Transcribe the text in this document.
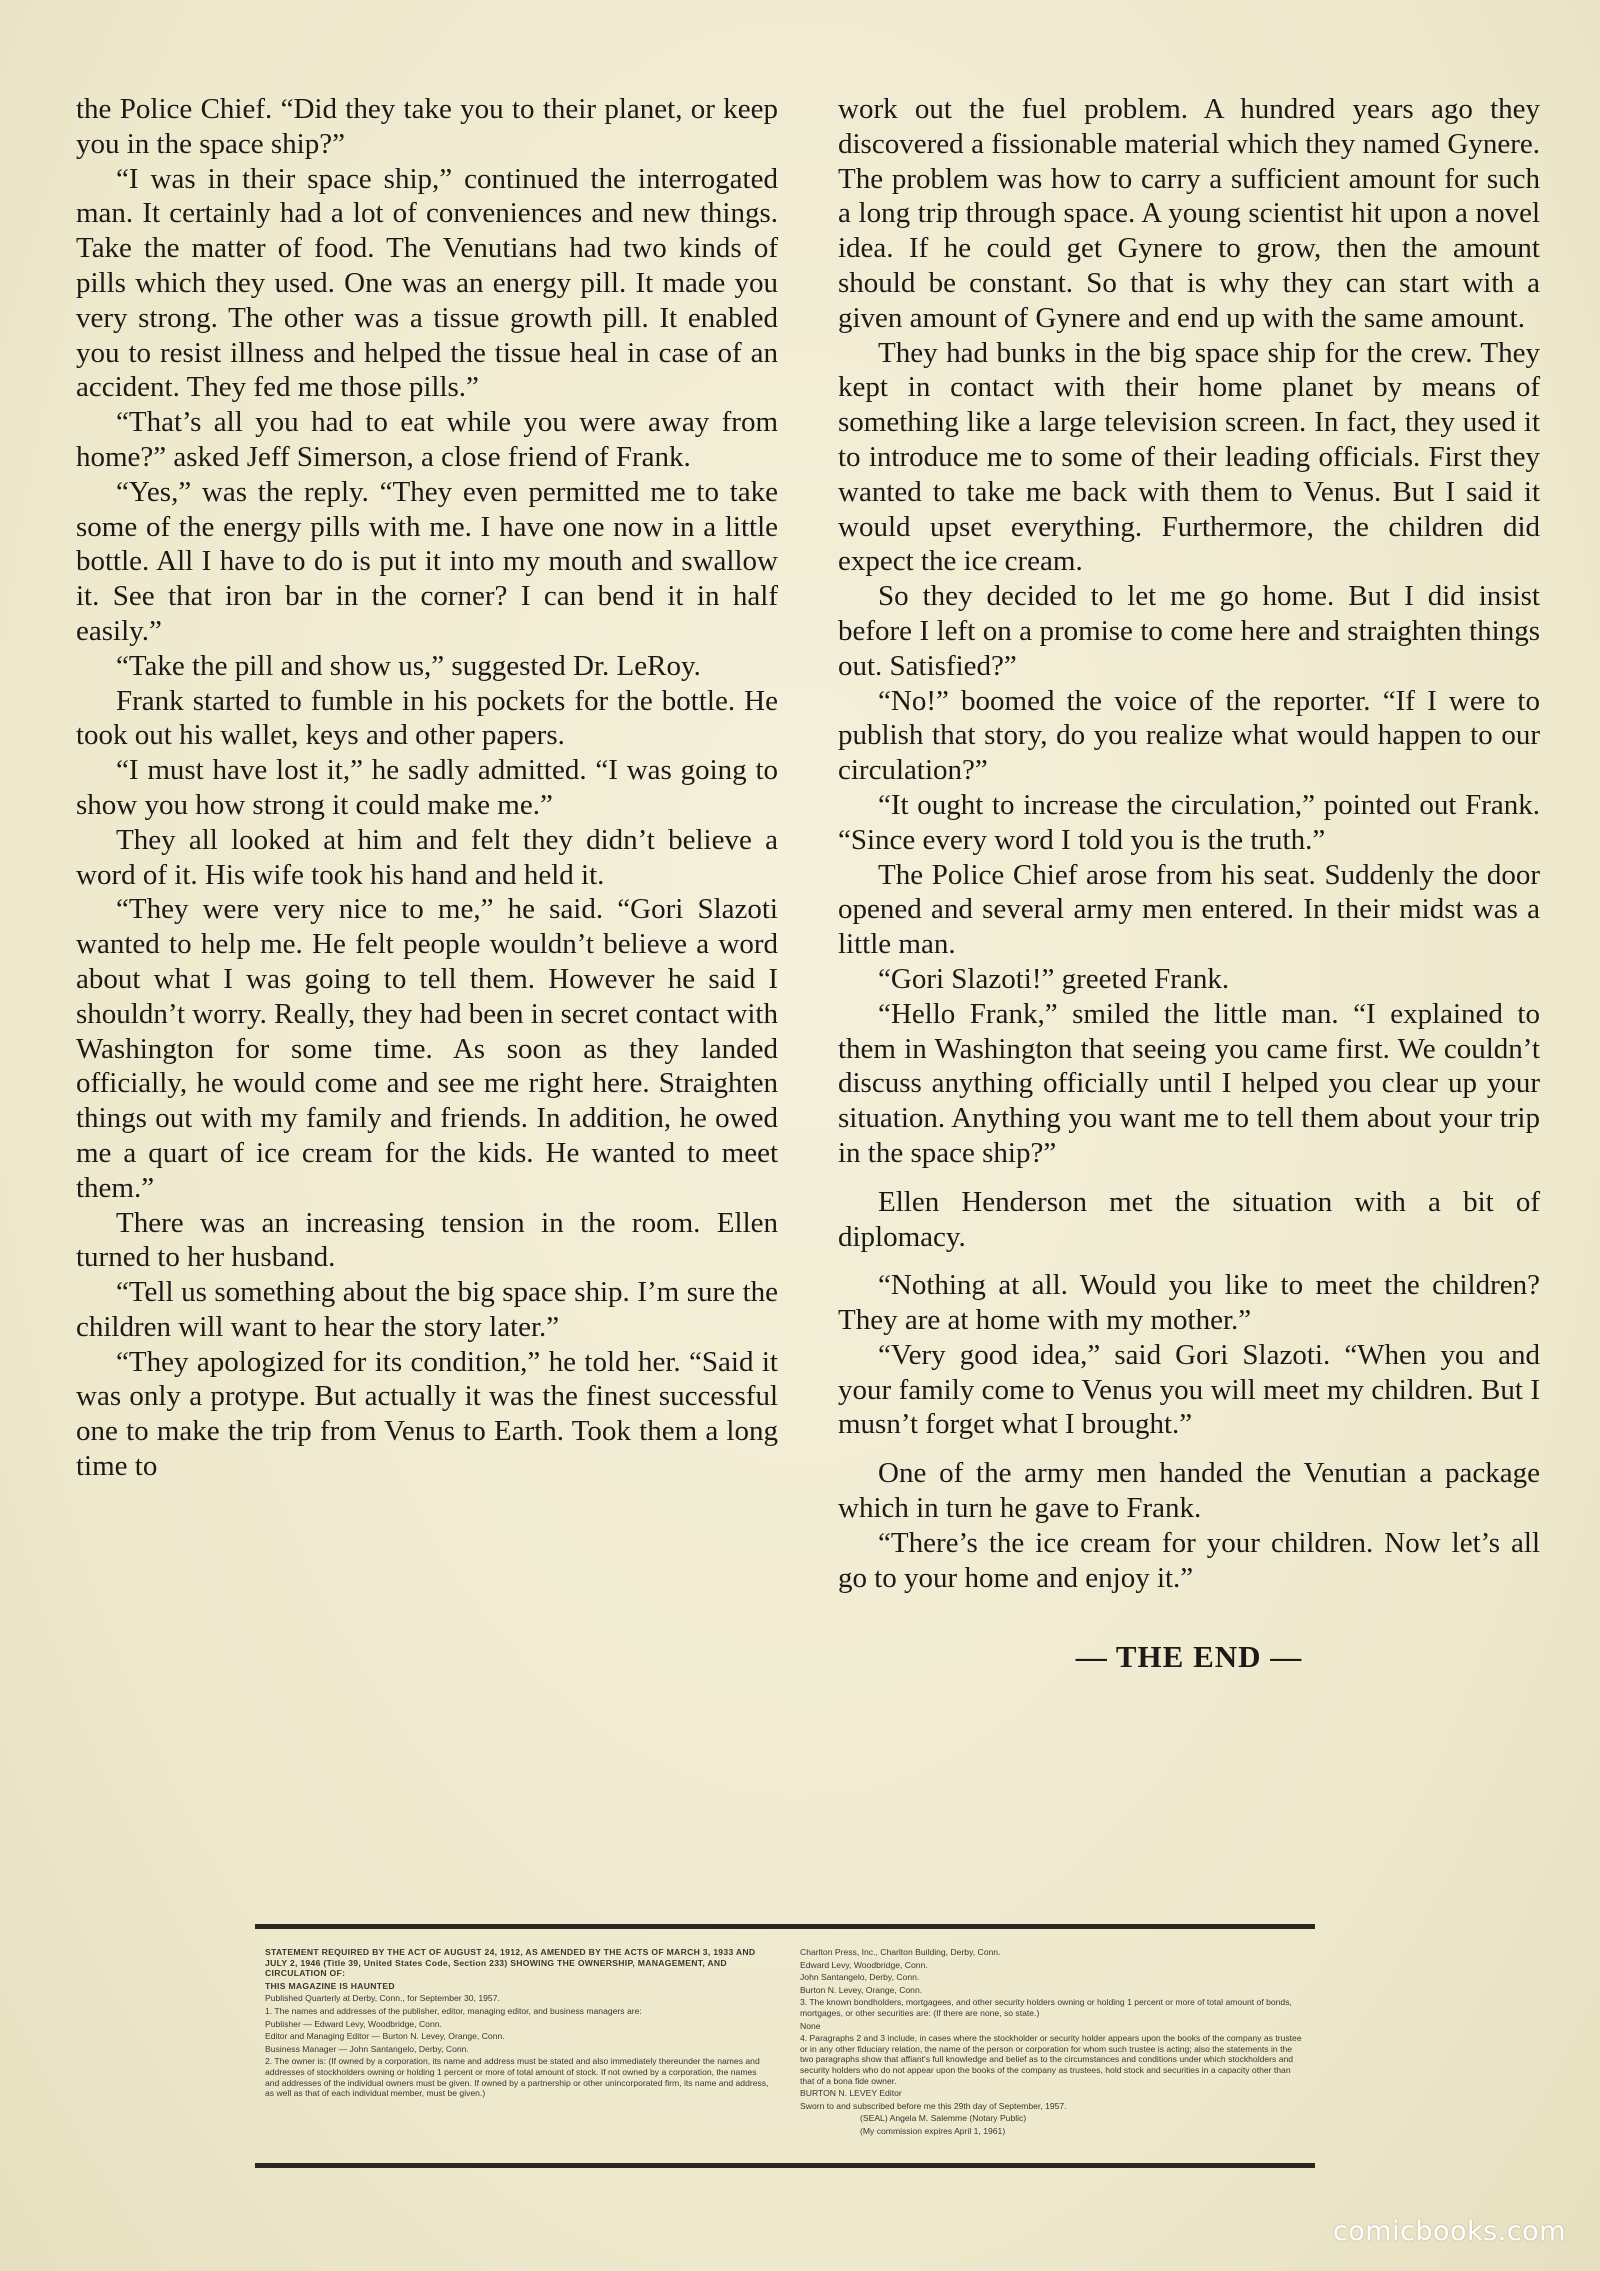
the Police Chief. “Did they take you to their planet, or keep you in the space ship?”

“I was in their space ship,” continued the interrogated man. It certainly had a lot of conveniences and new things. Take the matter of food. The Venutians had two kinds of pills which they used. One was an energy pill. It made you very strong. The other was a tissue growth pill. It enabled you to resist illness and helped the tissue heal in case of an accident. They fed me those pills.”

“That’s all you had to eat while you were away from home?” asked Jeff Simerson, a close friend of Frank.

“Yes,” was the reply. “They even permitted me to take some of the energy pills with me. I have one now in a little bottle. All I have to do is put it into my mouth and swallow it. See that iron bar in the corner? I can bend it in half easily.”

“Take the pill and show us,” suggested Dr. LeRoy.

Frank started to fumble in his pockets for the bottle. He took out his wallet, keys and other papers.

“I must have lost it,” he sadly admitted. “I was going to show you how strong it could make me.”

They all looked at him and felt they didn’t believe a word of it. His wife took his hand and held it.

“They were very nice to me,” he said. “Gori Slazoti wanted to help me. He felt people wouldn’t believe a word about what I was going to tell them. However he said I shouldn’t worry. Really, they had been in secret contact with Washington for some time. As soon as they landed officially, he would come and see me right here. Straighten things out with my family and friends. In addition, he owed me a quart of ice cream for the kids. He wanted to meet them.”

There was an increasing tension in the room. Ellen turned to her husband.

“Tell us something about the big space ship. I’m sure the children will want to hear the story later.”

“They apologized for its condition,” he told her. “Said it was only a protype. But actually it was the finest successful one to make the trip from Venus to Earth. Took them a long time to

work out the fuel problem. A hundred years ago they discovered a fissionable material which they named Gynere. The problem was how to carry a sufficient amount for such a long trip through space. A young scientist hit upon a novel idea. If he could get Gynere to grow, then the amount should be constant. So that is why they can start with a given amount of Gynere and end up with the same amount.

They had bunks in the big space ship for the crew. They kept in contact with their home planet by means of something like a large television screen. In fact, they used it to introduce me to some of their leading officials. First they wanted to take me back with them to Venus. But I said it would upset everything. Furthermore, the children did expect the ice cream.

So they decided to let me go home. But I did insist before I left on a promise to come here and straighten things out. Satisfied?”

“No!” boomed the voice of the reporter. “If I were to publish that story, do you realize what would happen to our circulation?”

“It ought to increase the circulation,” pointed out Frank. “Since every word I told you is the truth.”

The Police Chief arose from his seat. Suddenly the door opened and several army men entered. In their midst was a little man.

“Gori Slazoti!” greeted Frank.

“Hello Frank,” smiled the little man. “I explained to them in Washington that seeing you came first. We couldn’t discuss anything officially until I helped you clear up your situation. Anything you want me to tell them about your trip in the space ship?”

Ellen Henderson met the situation with a bit of diplomacy.

“Nothing at all. Would you like to meet the children? They are at home with my mother.”

“Very good idea,” said Gori Slazoti. “When you and your family come to Venus you will meet my children. But I musn’t forget what I brought.”

One of the army men handed the Venutian a package which in turn he gave to Frank.

“There’s the ice cream for your children. Now let’s all go to your home and enjoy it.”

— THE END —

STATEMENT REQUIRED BY THE ACT OF AUGUST 24, 1912, AS AMENDED BY THE ACTS OF MARCH 3, 1933 AND JULY 2, 1946 (Title 39, United States Code, Section 233) SHOWING THE OWNERSHIP, MANAGEMENT, AND CIRCULATION OF:

THIS MAGAZINE IS HAUNTED

Published Quarterly at Derby, Conn., for September 30, 1957.

1. The names and addresses of the publisher, editor, managing editor, and business managers are:

Publisher — Edward Levy, Woodbridge, Conn.

Editor and Managing Editor — Burton N. Levey, Orange, Conn.

Business Manager — John Santangelo, Derby, Conn.

2. The owner is: (If owned by a corporation, its name and address must be stated and also immediately thereunder the names and addresses of stockholders owning or holding 1 percent or more of total amount of stock. If not owned by a corporation, the names and addresses of the individual owners must be given. If owned by a partnership or other unincorporated firm, its name and address, as well as that of each individual member, must be given.)

Charlton Press, Inc., Charlton Building, Derby, Conn.

Edward Levy, Woodbridge, Conn.

John Santangelo, Derby, Conn.

Burton N. Levey, Orange, Conn.

3. The known bondholders, mortgagees, and other security holders owning or holding 1 percent or more of total amount of bonds, mortgages, or other securities are: (If there are none, so state.)

None

4. Paragraphs 2 and 3 include, in cases where the stockholder or security holder appears upon the books of the company as trustee or in any other fiduciary relation, the name of the person or corporation for whom such trustee is acting; also the statements in the two paragraphs show that affiant's full knowledge and belief as to the circumstances and conditions under which stockholders and security holders who do not appear upon the books of the company as trustees, hold stock and securities in a capacity other than that of a bona fide owner.

BURTON N. LEVEY Editor

Sworn to and subscribed before me this 29th day of September, 1957.

(SEAL) Angela M. Salemme (Notary Public)

(My commission expires April 1, 1961)

comicbooks.com
